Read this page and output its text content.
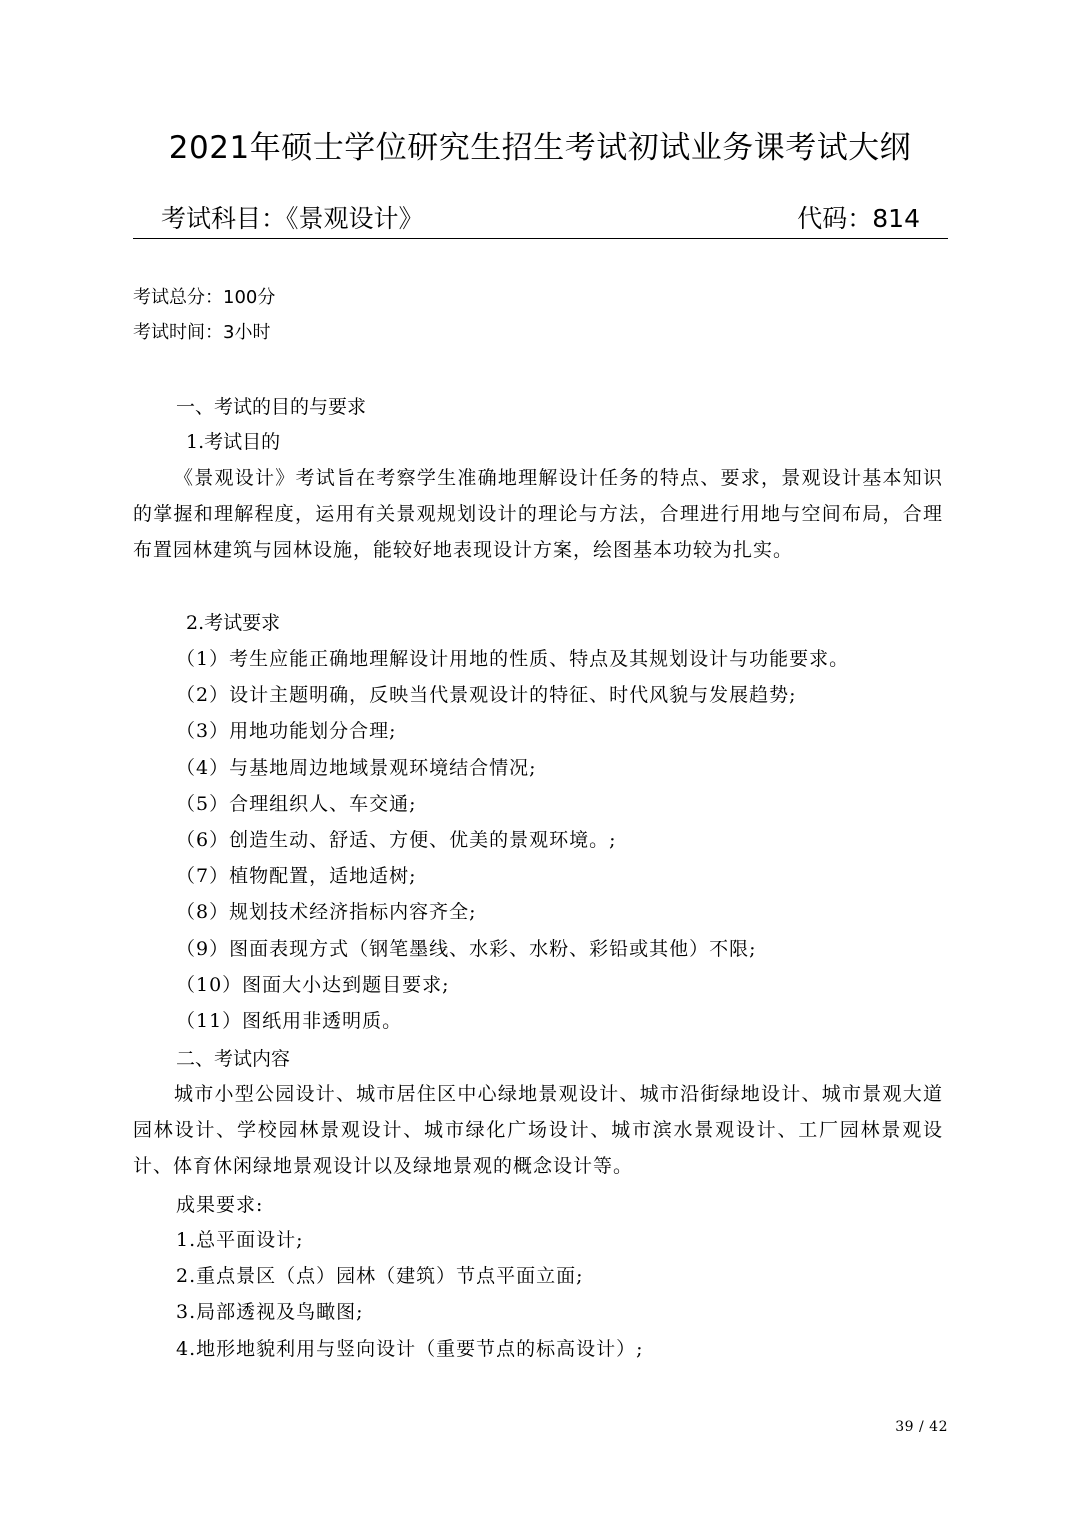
2021年硕士学位研究生招生考试初试业务课考试大纲
考试科目：《景观设计》	代码：814
考试总分：100分
考试时间：3小时
一、考试的目的与要求
1.考试目的
《景观设计》考试旨在考察学生准确地理解设计任务的特点、要求，景观设计基本知识的掌握和理解程度，运用有关景观规划设计的理论与方法，合理进行用地与空间布局，合理布置园林建筑与园林设施，能较好地表现设计方案，绘图基本功较为扎实。
2.考试要求
（1）考生应能正确地理解设计用地的性质、特点及其规划设计与功能要求。
（2）设计主题明确，反映当代景观设计的特征、时代风貌与发展趋势;
（3）用地功能划分合理;
（4）与基地周边地域景观环境结合情况;
（5）合理组织人、车交通;
（6）创造生动、舒适、方便、优美的景观环境。;
（7）植物配置，适地适树;
（8）规划技术经济指标内容齐全;
（9）图面表现方式（钢笔墨线、水彩、水粉、彩铅或其他）不限;
（10）图面大小达到题目要求;
（11）图纸用非透明质。
二、考试内容
城市小型公园设计、城市居住区中心绿地景观设计、城市沿街绿地设计、城市景观大道园林设计、学校园林景观设计、城市绿化广场设计、城市滨水景观设计、工厂园林景观设计、体育休闲绿地景观设计以及绿地景观的概念设计等。
成果要求:
1.总平面设计;
2.重点景区（点）园林（建筑）节点平面立面;
3.局部透视及鸟瞰图;
4.地形地貌利用与竖向设计（重要节点的标高设计）;
39 / 42
